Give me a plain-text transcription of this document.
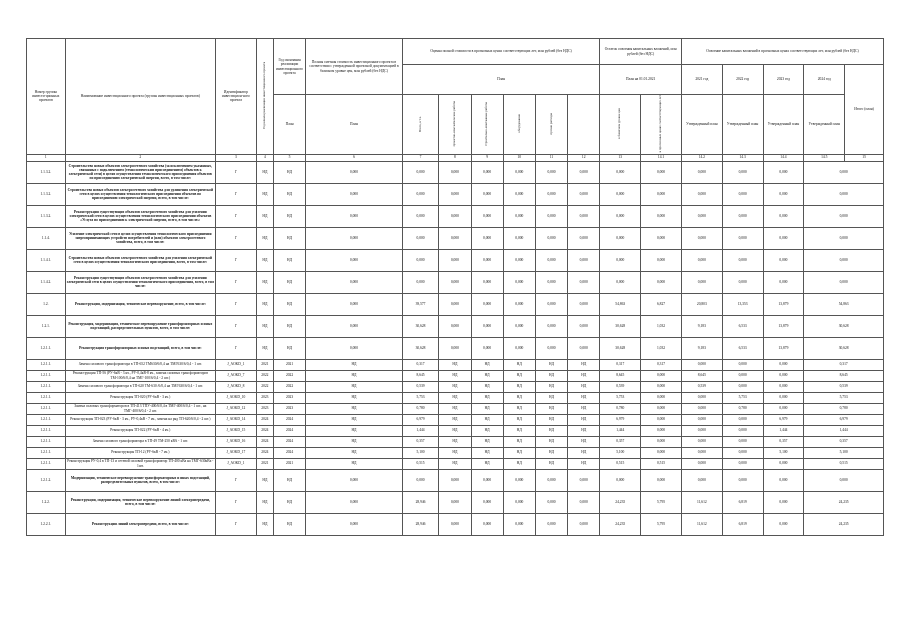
Номер группы инвести-ционных проектов	Наименование инвестиционного проекта (группы инвестиционных проектов)	Идентификатор инвестицион-ного проекта	Год начала реализации инвестиционного проекта	Год окончания реализации инвестиционного проекта	Полная сметная стоимость инвестиционного проекта в соответствии с утвержденной проектной документацией в базисном уровне цен, млн рублей (без НДС)	Оценка полной стоимости в прогнозных ценах соответствующих лет, млн рублей (без НДС)						Остаток освоения капитальных вложений, млн рублей (без НДС)		Освоение капитальных вложений в прогнозных ценах соответствующих лет, млн рублей (без НДС)				
						План						План на 01.01.2021		2021 год	2022 год	2023 год	2024 год	Итого (план)
				План	План	Всего, в т.ч.	проектно-изыскательские работы	строительно-монтажные работы	оборудование	прочие расходы		в базисном уровне цен	в прогнозных ценах соответствующих лет	Утвержденный план	Утвержденный план	Утвержденный план	Утвержденный план	
1	2	3	4	5	6	7	8	9	10	11	12	13	14.1	14.2	14.3	14.4	14.5	15
1.1.3.2.	Строительство новых объектов электросетевого хозяйства (за исключением указанных, связанных с подключением (технологическим присоединением) объектов к электрической сети) в целях осуществления технологического присоединения объектов по присоединению электрической энергии, всего, в том числе:	Г	НД	НД	0,000	0,000	0,000	0,000	0,000	0,000	0,000	0,000	0,000	0,000	0,000	0,000	0,000	
1.1.3.2.	Строительство новых объектов электросетевого хозяйства для удлинения электрической сети в целях осуществления технологического присоединения объектов по присоединению электрической энергии, всего, в том числе:	Г	НД	НД	0,000	0,000	0,000	0,000	0,000	0,000	0,000	0,000	0,000	0,000	0,000	0,000	0,000	
1.1.3.2.	Реконструкция существующих объектов электросетевого хозяйства для усиления электрической сети в целях осуществления технологического присоединения объектов «Услуга по присоединению к электрической энергии, всего, в том числе»:	Г	НД	НД	0,000	0,000	0,000	0,000	0,000	0,000	0,000	0,000	0,000	0,000	0,000	0,000	0,000	
1.1.4.	Усиление электрической сети в целях осуществления технологического присоединения энергопринимающих устройств потребителей и (или) объектов электросетевого хозяйства, всего, в том числе:	Г	НД	НД	0,000	0,000	0,000	0,000	0,000	0,000	0,000	0,000	0,000	0,000	0,000	0,000	0,000	
1.1.4.1.	Строительство новых объектов электросетевого хозяйства для усиления электрической сети в целях осуществления технологического присоединения, всего, в том числе:	Г	НД	НД	0,000	0,000	0,000	0,000	0,000	0,000	0,000	0,000	0,000	0,000	0,000	0,000	0,000	
1.1.4.2.	Реконструкция существующих объектов электросетевого хозяйства для усиления электрической сети в целях осуществления технологического присоединения, всего, в том числе:	Г	НД	НД	0,000	0,000	0,000	0,000	0,000	0,000	0,000	0,000	0,000	0,000	0,000	0,000	0,000	
1.2.	Реконструкция, модернизация, техническое перевооружение, всего, в том числе:	Г	НД	НД	0,000	39,577	0,000	0,000	0,000	0,000	0,000	54,863	6,827	20,803	13,353	13,879	54,863	
1.2.1.	Реконструкция, модернизация, техническое перевооружение трансформаторных и иных подстанций, распределительных пунктов, всего, в том числе:	Г	НД	НД	0,000	30,628	0,000	0,000	0,000	0,000	0,000	30,628	1,032	9,183	6,533	13,879	30,628	
1.2.1.1.	Реконструкция трансформаторных и иных подстанций, всего, в том числе:	Г	НД	НД	0,000	30,628	0,000	0,000	0,000	0,000	0,000	30,628	1,032	9,183	6,533	13,879	30,628	
1.2.1.1.	Замена силового трансформатора в ТП-652 ТМ630/6/0,4 на ТМГ630/6/0,4 - 1 шт.	J_AOKD_1	2021	2021	НД	0,317	НД	НД	НД	НД	НД	0,317	0,317	0,000	0,000	0,000	0,317	
1.2.1.1.	Реконструкция ТП-56 (РУ-6кВ - 3 яч., РУ-0,4кВ-8 яч., замена силовых трансформаторов ТМ-100/6/0,4 на ТМГ-100/6/0,4 - 2 шт.)	J_AOKD_7	2022	2022	НД	8,645	НД	НД	НД	НД	НД	8,645	0,000	8,645	0,000	0,000	8,645	
1.2.1.1.	Замена силового трансформатора в ТП-620 ТМ-630 /6/0,4 на ТМГ630/6/0,4 - 1 шт.	J_AOKD_8	2022	2022	НД	0,539	НД	НД	НД	НД	НД	0,539	0,000	0,539	0,000	0,000	0,539	
1.2.1.1.	Реконструкция ТП-020 (РУ-6кВ - 3 яч.)	J_AOKD_10	2023	2023	НД	5,753	НД	НД	НД	НД	НД	5,753	0,000	0,000	5,753	0,000	5,753	
1.2.1.1.	Замена силовых трансформаторов в ТП-413 ТПУ-400/6/0,4 в ТМГ-400/6/0,4 - 1 шт., на ТМГ-400/6/0,4 - 2 шт.	J_AOKD_12	2023	2023	НД	0,780	НД	НД	НД	НД	НД	0,780	0,000	0,000	0,780	0,000	0,780	
1.2.1.1.	Реконструкция ТП-023 (РУ-6кВ - 3 яч., РУ-0,4кВ - 7 яч., замена на ряд ТП-620/6/0,4 - 2 шт.)	J_AOKD_14	2024	2024	НД	6,979	НД	НД	НД	НД	НД	6,979	0,000	0,000	0,000	6,979	6,979	
1.2.1.1.	Реконструкция ТП-022 (РУ-6кВ - 4 яч.)	J_AOKD_15	2024	2024	НД	1,444	НД	НД	НД	НД	НД	1,444	0,000	0,000	0,000	1,444	1,444	
1.2.1.1.	Замена силового трансформатора в ТП-49 ТМ-250 кВА - 1 шт.	J_AOKD_16	2024	2024	НД	0,357	НД	НД	НД	НД	НД	0,357	0,000	0,000	0,000	0,357	0,357	
1.2.1.1.	Реконструкция ТП-12 (РУ-6кВ - 7 яч.)	J_AOKD_17	2024	2024	НД	5,100	НД	НД	НД	НД	НД	5,100	0,000	0,000	0,000	5,100	5,100	
1.2.1.1.	Реконструкция РУ-0,4 в ТП-13 и сетевой силовой трансформатор ТП-400 кВа на ТМГ-630кВа - 1шт.	J_AOKD_1	2021	2021	НД	0,515	НД	НД	НД	НД	НД	0,515	0,515	0,000	0,000	0,000	0,515	
1.2.1.2.	Модернизация, техническое перевооружение трансформаторных и иных подстанций, распределительных пунктов, всего, в том числе:	Г	НД	НД	0,000	0,000	0,000	0,000	0,000	0,000	0,000	0,000	0,000	0,000	0,000	0,000	0,000	
1.2.2.	Реконструкция, модернизация, техническое перевооружение линий электропередачи, всего, в том числе:	Г	НД	НД	0,000	28,946	0,000	0,000	0,000	0,000	0,000	24,235	5,795	11,612	6,819	0,000	24,235	
1.2.2.1.	Реконструкция линий электропередачи, всего, в том числе:	Г	НД	НД	0,000	28,946	0,000	0,000	0,000	0,000	0,000	24,235	5,795	11,612	6,819	0,000	24,235	
